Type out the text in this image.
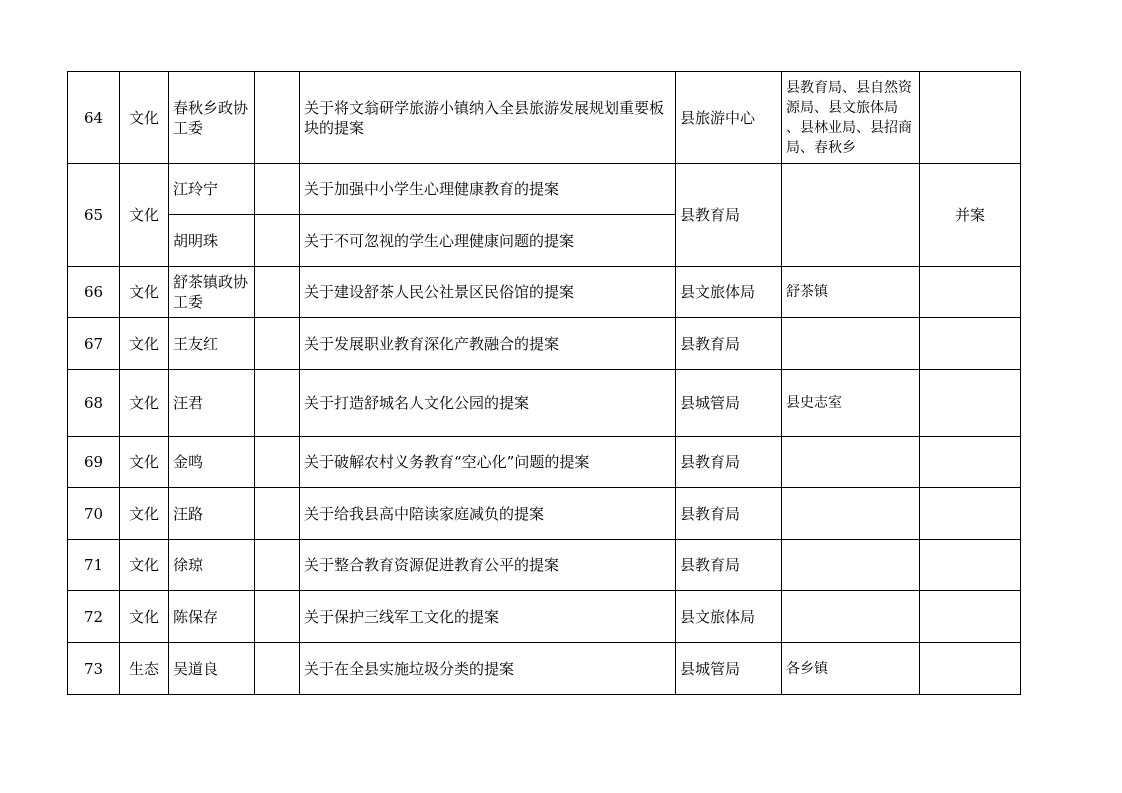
64	文化	春秋乡政协工委		关于将文翁研学旅游小镇纳入全县旅游发展规划重要板块的提案	县旅游中心	县教育局、县自然资源局、县文旅体局 、县林业局、县招商局、春秋乡	
65	文化	江玲宁		关于加强中小学生心理健康教育的提案	县教育局		并案
		胡明珠		关于不可忽视的学生心理健康问题的提案			
66	文化	舒茶镇政协工委		关于建设舒茶人民公社景区民俗馆的提案	县文旅体局	舒茶镇	
67	文化	王友红		关于发展职业教育深化产教融合的提案	县教育局		
68	文化	汪君		关于打造舒城名人文化公园的提案	县城管局	县史志室	
69	文化	金鸣		关于破解农村义务教育“空心化”问题的提案	县教育局		
70	文化	汪路		关于给我县高中陪读家庭减负的提案	县教育局		
71	文化	徐琼		关于整合教育资源促进教育公平的提案	县教育局		
72	文化	陈保存		关于保护三线军工文化的提案	县文旅体局		
73	生态	吴道良		关于在全县实施垃圾分类的提案	县城管局	各乡镇	
